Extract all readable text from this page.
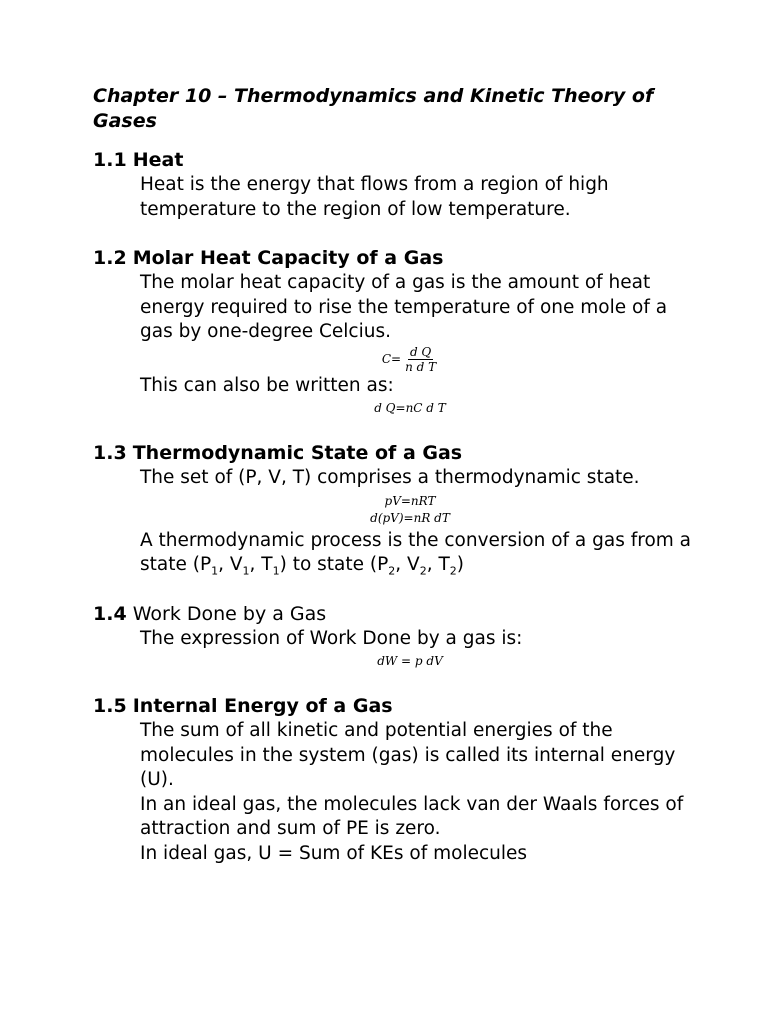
Chapter 10 – Thermodynamics and Kinetic Theory of Gases
1.1 Heat

Heat is the energy that flows from a region of high temperature to the region of low temperature.

1.2 Molar Heat Capacity of a Gas

The molar heat capacity of a gas is the amount of heat energy required to rise the temperature of one mole of a gas by one-degree Celcius.

$C= \frac{\text{d Q}}{\text{n d T}}$

This can also be written as:

d Q=nC d T
1.3 Thermodynamic State of a Gas

The set of (P, V, T) comprises a thermodynamic state.

pV=nRT
d(pV)=nR dT

A thermodynamic process is the conversion of a gas from a state ($P_1$, $V_1$, $T_1$) to state ($P_2$, $V_2$, $T_2$)

1.4 Work Done by a Gas

The expression of Work Done by a gas is:

dW = p dV
1.5 Internal Energy of a Gas

The sum of all kinetic and potential energies of the molecules in the system (gas) is called its internal energy (U).

In an ideal gas, the molecules lack van der Waals forces of attraction and sum of PE is zero.

In ideal gas, U = Sum of KEs of molecules
